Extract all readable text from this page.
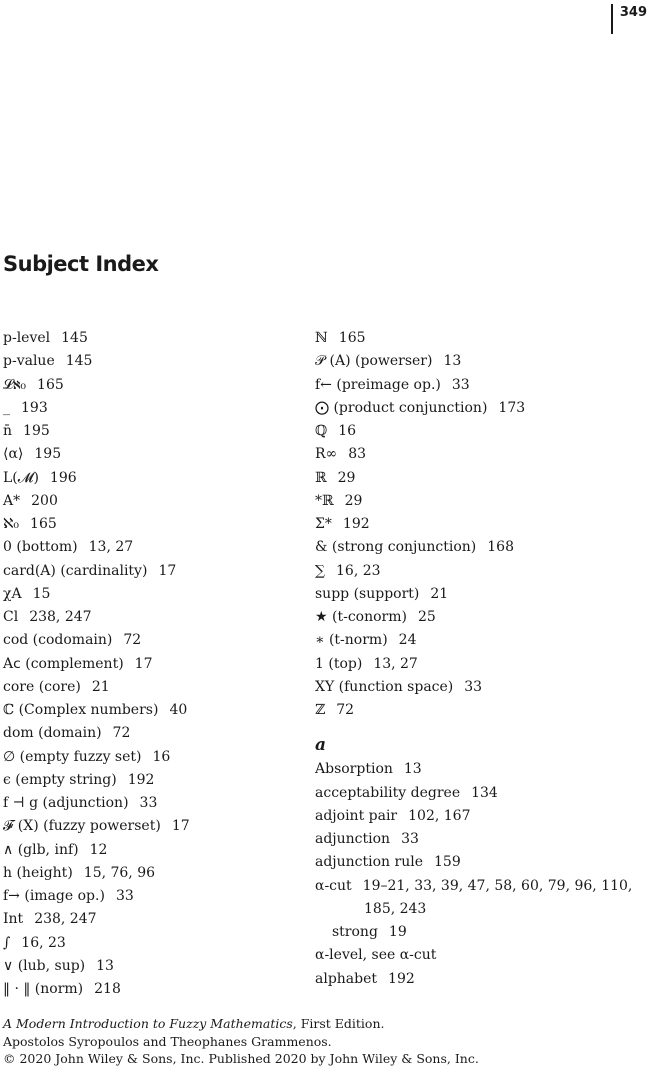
349
Subject Index
p-level 145
p-value 145
𝓛ℵ₀ 165
_ 193
n̄ 195
⟨α⟩ 195
L(𝓜) 196
A* 200
ℵ₀ 165
0 (bottom) 13, 27
card(A) (cardinality) 17
χA 15
Cl 238, 247
cod (codomain) 72
A𝖼 (complement) 17
core (core) 21
ℂ (Complex numbers) 40
dom (domain) 72
∅ (empty fuzzy set) 16
ϵ (empty string) 192
f ⊣ g (adjunction) 33
𝓕 (X) (fuzzy powerset) 17
∧ (glb, inf) 12
h (height) 15, 76, 96
f→ (image op.) 33
Int 238, 247
∫ 16, 23
∨ (lub, sup) 13
‖ · ‖ (norm) 218
ℕ 165
𝒫 (A) (powerser) 13
f← (preimage op.) 33
⨀ (product conjunction) 173
ℚ 16
R∞ 83
ℝ 29
*ℝ 29
Σ* 192
& (strong conjunction) 168
∑ 16, 23
supp (support) 21
★ (t-conorm) 25
∗ (t-norm) 24
1 (top) 13, 27
XY (function space) 33
ℤ 72
a
Absorption 13
acceptability degree 134
adjoint pair 102, 167
adjunction 33
adjunction rule 159
α-cut 19–21, 33, 39, 47, 58, 60, 79, 96, 110, 185, 243
strong 19
α-level, see α-cut
alphabet 192
A Modern Introduction to Fuzzy Mathematics, First Edition.
Apostolos Syropoulos and Theophanes Grammenos.
© 2020 John Wiley & Sons, Inc. Published 2020 by John Wiley & Sons, Inc.
